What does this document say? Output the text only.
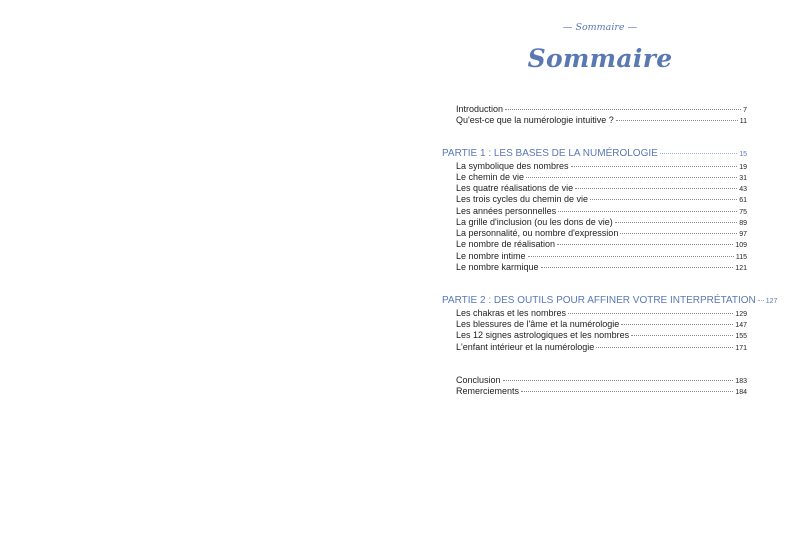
— Sommaire —
Sommaire
Introduction	7
Qu'est-ce que la numérologie intuitive ?	11
PARTIE 1 : LES BASES DE LA NUMÉROLOGIE	15
La symbolique des nombres	19
Le chemin de vie	31
Les quatre réalisations de vie	43
Les trois cycles du chemin de vie	61
Les années personnelles	75
La grille d'inclusion (ou les dons de vie)	89
La personnalité, ou nombre d'expression	97
Le nombre de réalisation	109
Le nombre intime	115
Le nombre karmique	121
PARTIE 2 : DES OUTILS POUR AFFINER VOTRE INTERPRÉTATION 127
Les chakras et les nombres	129
Les blessures de l'âme et la numérologie	147
Les 12 signes astrologiques et les nombres	155
L'enfant intérieur et la numérologie	171
Conclusion	183
Remerciements	184
